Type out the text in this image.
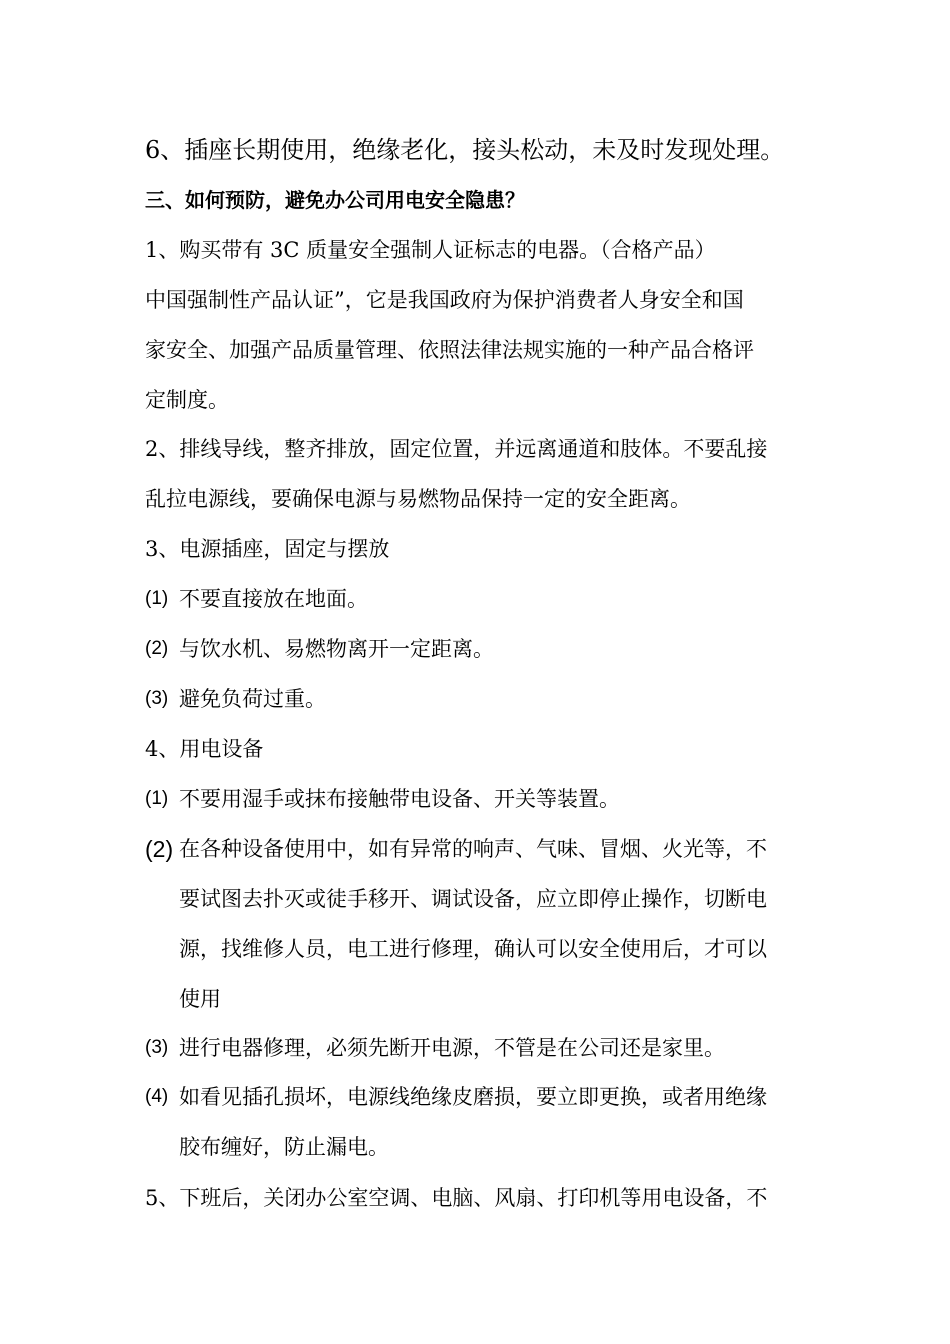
6、插座长期使用，绝缘老化，接头松动，未及时发现处理。
三、如何预防，避免办公司用电安全隐患？
1、购买带有 3C 质量安全强制人证标志的电器。（合格产品）
中国强制性产品认证”，它是我国政府为保护消费者人身安全和国
家安全、加强产品质量管理、依照法律法规实施的一种产品合格评
定制度。
2、排线导线，整齐排放，固定位置，并远离通道和肢体。不要乱接
乱拉电源线，要确保电源与易燃物品保持一定的安全距离。
3、电源插座，固定与摆放
(1) 不要直接放在地面。
(2) 与饮水机、易燃物离开一定距离。
(3) 避免负荷过重。
4、用电设备
(1) 不要用湿手或抹布接触带电设备、开关等装置。
(2) 在各种设备使用中，如有异常的响声、气味、冒烟、火光等，不
要试图去扑灭或徒手移开、调试设备，应立即停止操作，切断电
源，找维修人员，电工进行修理，确认可以安全使用后，才可以
使用
(3) 进行电器修理，必须先断开电源，不管是在公司还是家里。
(4) 如看见插孔损坏，电源线绝缘皮磨损，要立即更换，或者用绝缘
胶布缠好，防止漏电。
5、下班后，关闭办公室空调、电脑、风扇、打印机等用电设备，不
